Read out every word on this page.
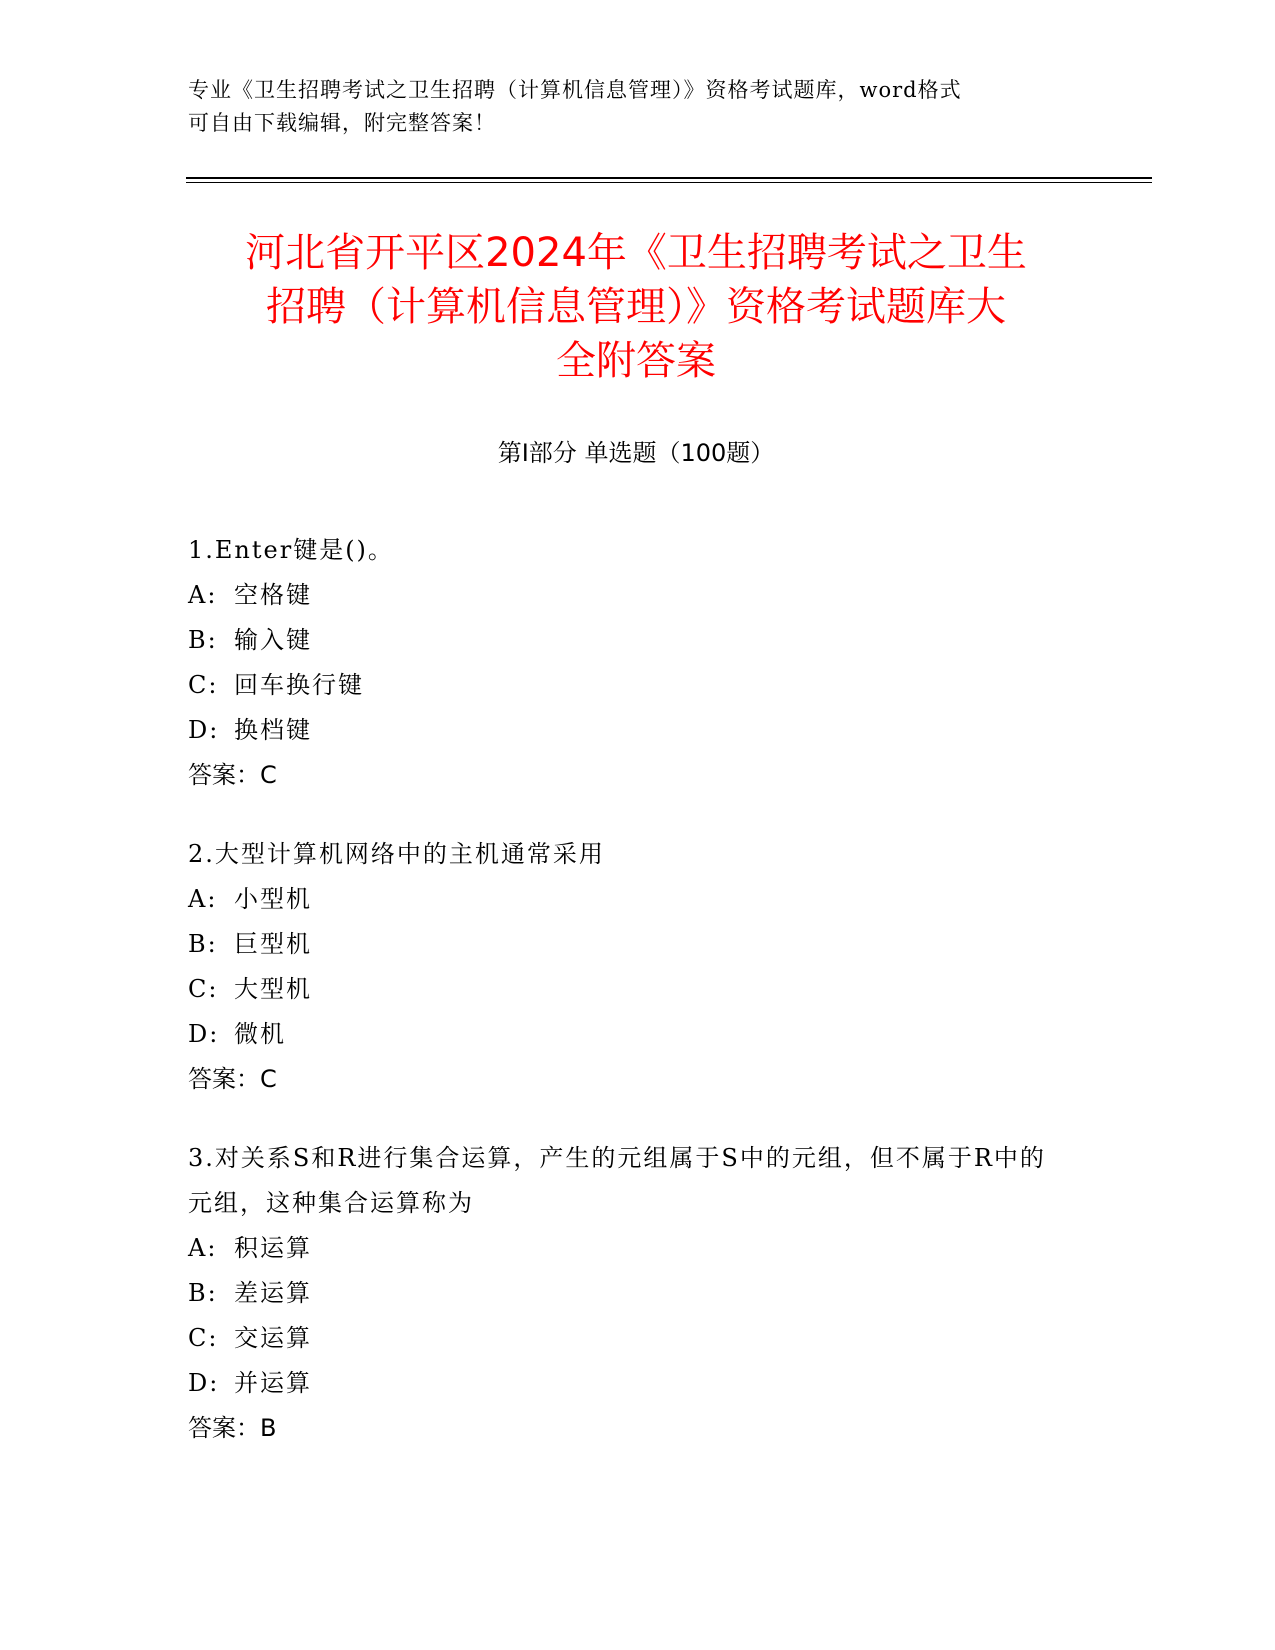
专业《卫生招聘考试之卫生招聘（计算机信息管理）》资格考试题库，word格式
可自由下载编辑，附完整答案！
河北省开平区2024年《卫生招聘考试之卫生
招聘（计算机信息管理）》资格考试题库大
全附答案
第Ⅰ部分 单选题（100题）

1.Enter键是()。

A: 空格键
B: 输入键
C: 回车换行键
D: 换档键
答案：C

2.大型计算机网络中的主机通常采用

A: 小型机
B: 巨型机
C: 大型机
D: 微机
答案：C

3.对关系S和R进行集合运算，产生的元组属于S中的元组，但不属于R中的元组，这种集合运算称为

A: 积运算
B: 差运算
C: 交运算
D: 并运算
答案：B
